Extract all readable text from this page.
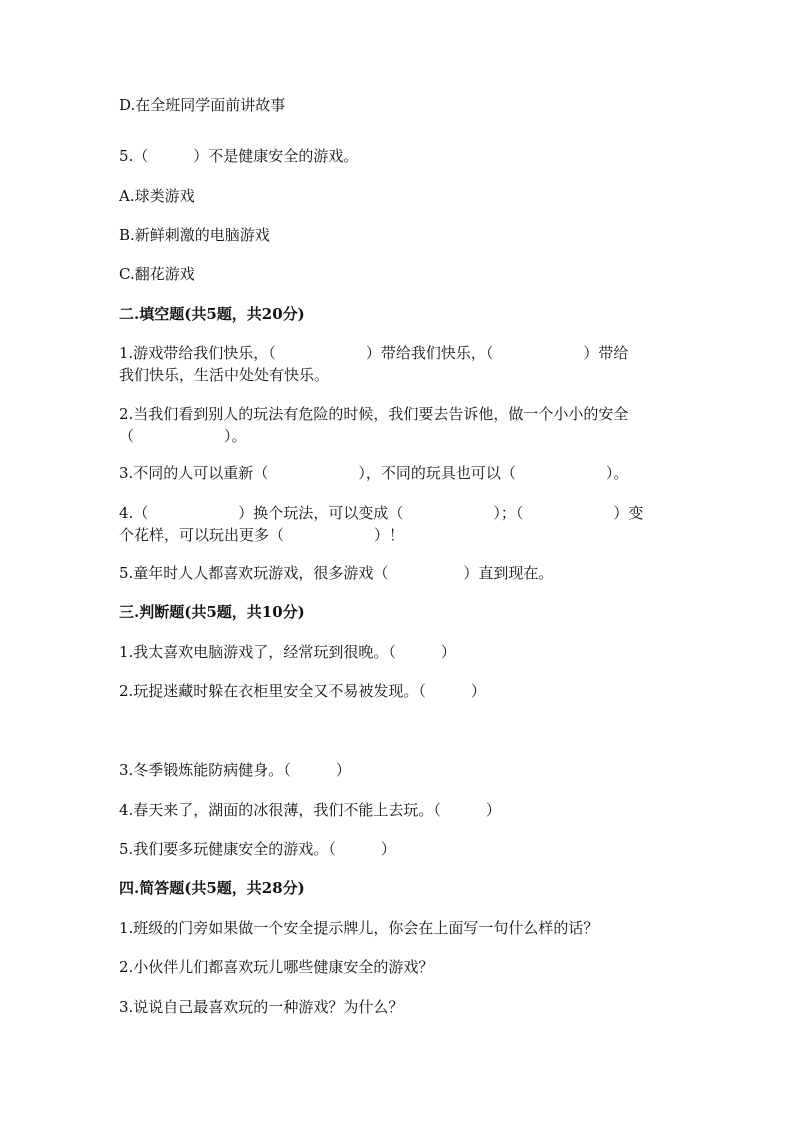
D.在全班同学面前讲故事
5.（　　　）不是健康安全的游戏。
A.球类游戏
B.新鲜刺激的电脑游戏
C.翻花游戏
二.填空题(共5题，共20分)
1.游戏带给我们快乐，（　　　　　　）带给我们快乐，（　　　　　　）带给
我们快乐，生活中处处有快乐。
2.当我们看到别人的玩法有危险的时候，我们要去告诉他，做一个小小的安全
（　　　　　　）。
3.不同的人可以重新（　　　　　　），不同的玩具也可以（　　　　　　）。
4.（　　　　　　）换个玩法，可以变成（　　　　　　）；（　　　　　　）变
个花样，可以玩出更多（　　　　　　）！
5.童年时人人都喜欢玩游戏，很多游戏（　　　　　）直到现在。
三.判断题(共5题，共10分)
1.我太喜欢电脑游戏了，经常玩到很晚。（　　　）
2.玩捉迷藏时躲在衣柜里安全又不易被发现。（　　　）
3.冬季锻炼能防病健身。（　　　）
4.春天来了，湖面的冰很薄，我们不能上去玩。（　　　）
5.我们要多玩健康安全的游戏。（　　　）
四.简答题(共5题，共28分)
1.班级的门旁如果做一个安全提示牌儿，你会在上面写一句什么样的话？
2.小伙伴儿们都喜欢玩儿哪些健康安全的游戏？
3.说说自己最喜欢玩的一种游戏？为什么？
